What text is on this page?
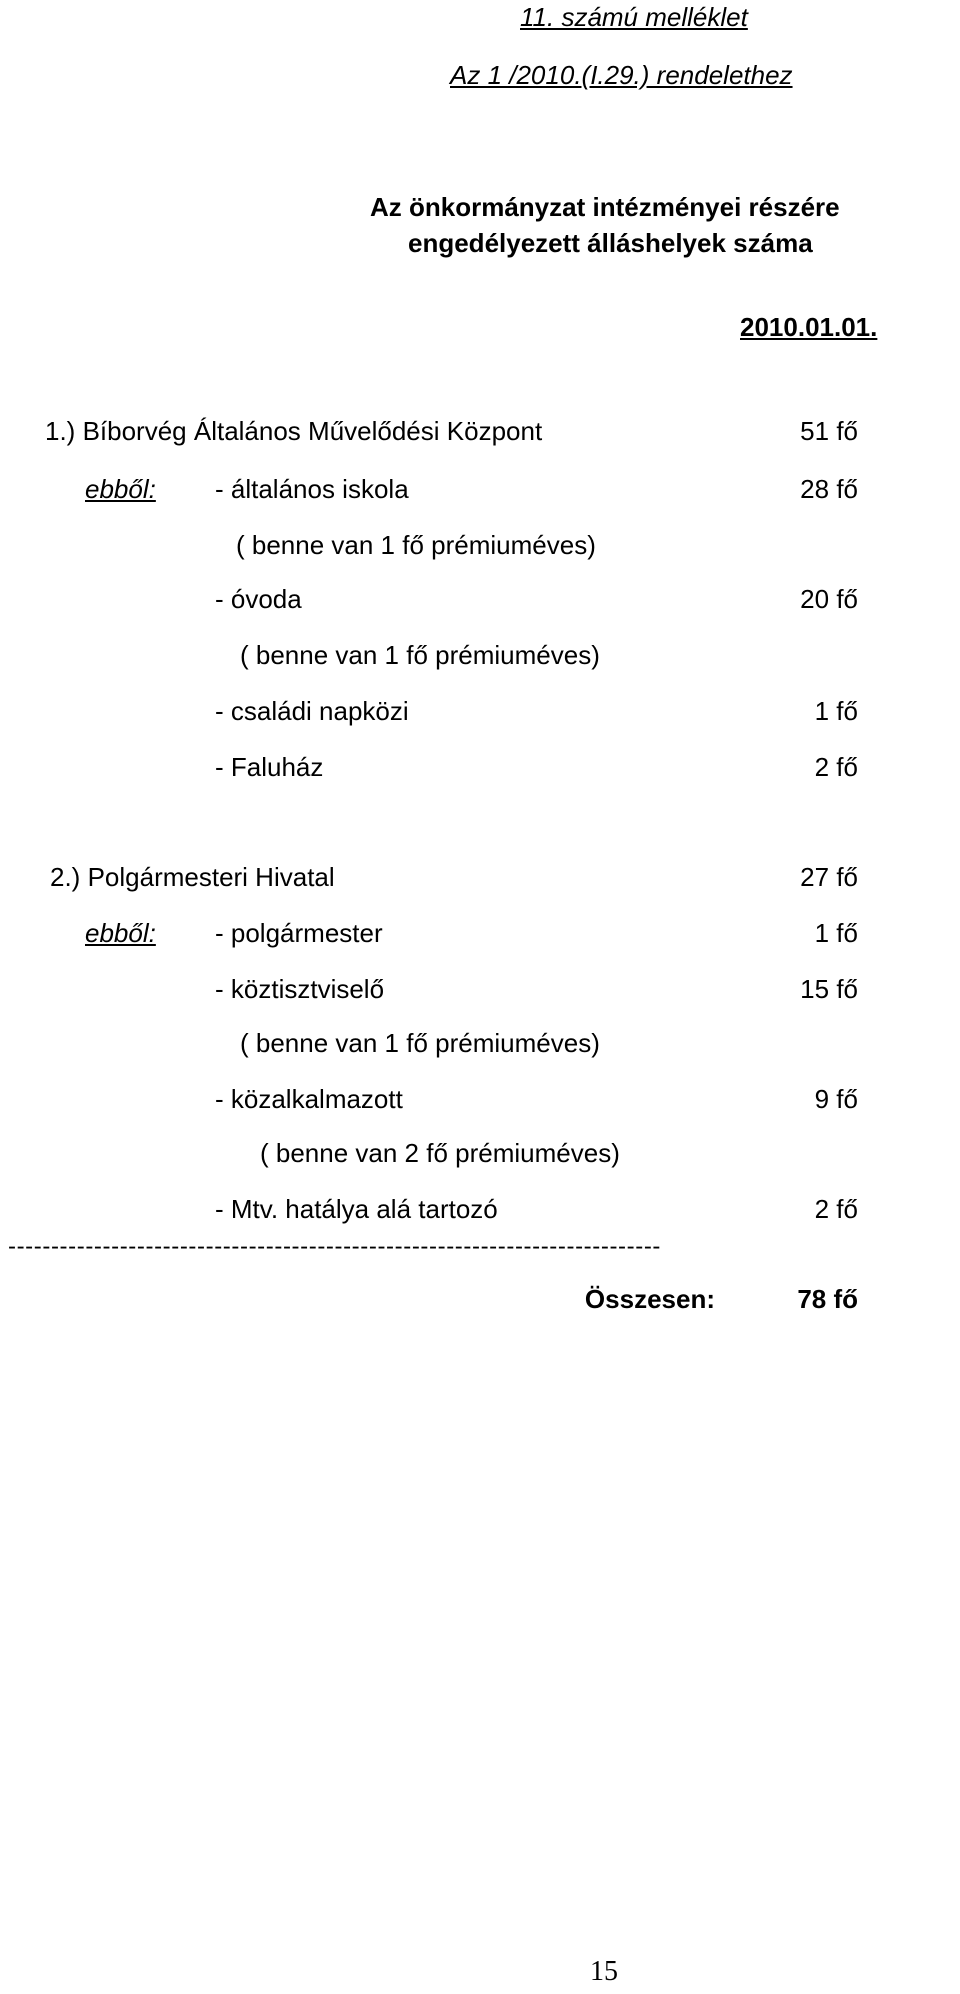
11. számú melléklet
Az 1 /2010.(I.29.) rendelethez
Az önkormányzat intézményei részére
engedélyezett álláshelyek száma
2010.01.01.
1.) Bíborvég Általános Művelődési Központ	51 fő
ebből:	- általános iskola	28 fő
( benne van 1 fő prémiuméves)
- óvoda	20 fő
( benne van 1 fő prémiuméves)
- családi napközi	1 fő
- Faluház	2 fő
2.) Polgármesteri Hivatal	27 fő
ebből:	- polgármester	1 fő
- köztisztviselő	15 fő
( benne van 1 fő prémiuméves)
- közalkalmazott	9 fő
( benne van 2 fő prémiuméves)
- Mtv. hatálya alá tartozó	2 fő
----------------------------------------------------------------------------
Összesen:	78 fő
15
